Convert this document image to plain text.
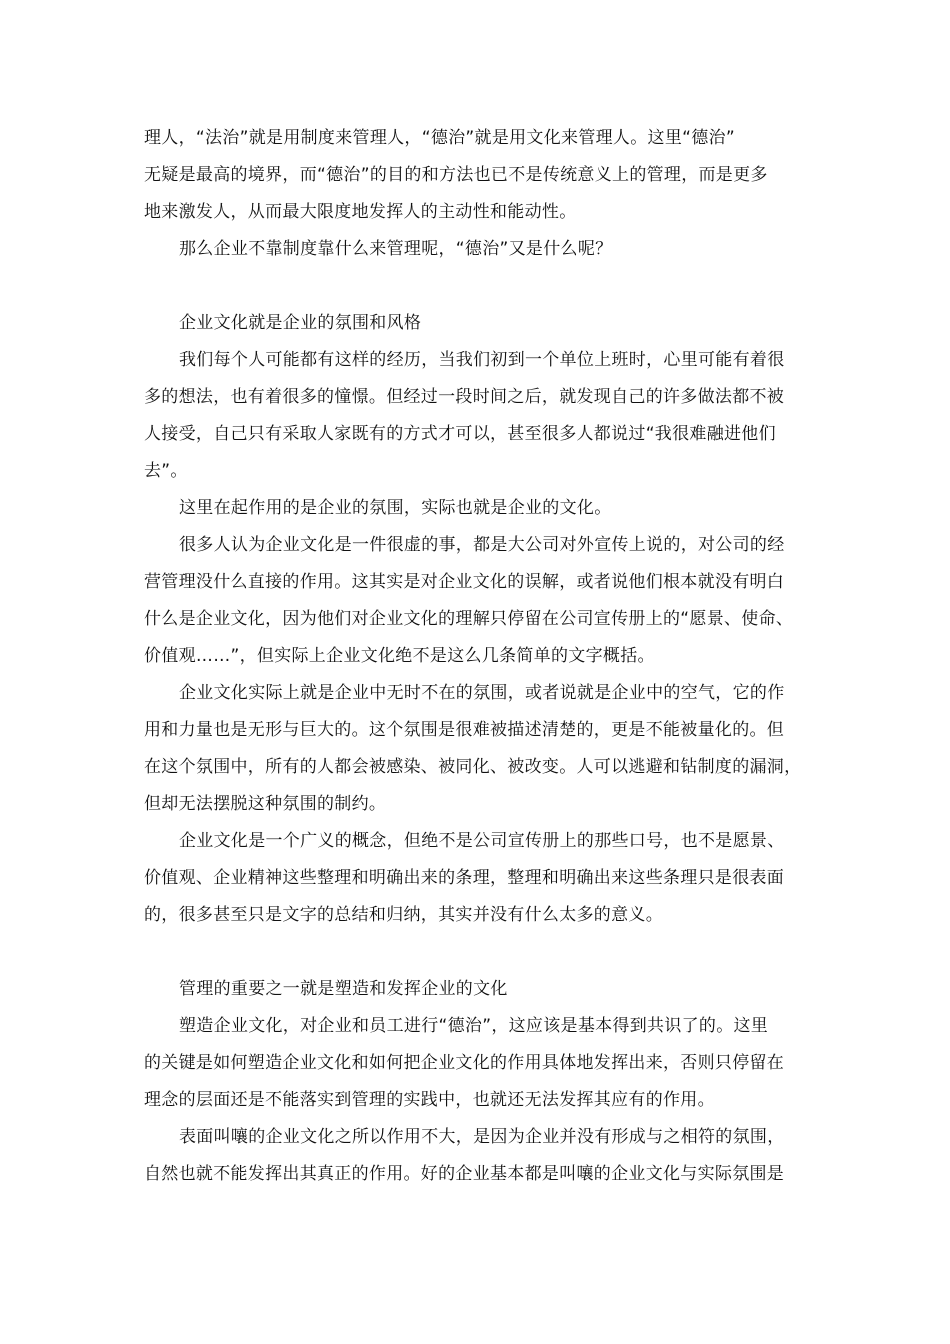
理人，“法治”就是用制度来管理人，“德治”就是用文化来管理人。这里“德治”
无疑是最高的境界，而“德治”的目的和方法也已不是传统意义上的管理，而是更多
地来激发人，从而最大限度地发挥人的主动性和能动性。
那么企业不靠制度靠什么来管理呢，“德治”又是什么呢？
企业文化就是企业的氛围和风格
我们每个人可能都有这样的经历，当我们初到一个单位上班时，心里可能有着很
多的想法，也有着很多的憧憬。但经过一段时间之后，就发现自己的许多做法都不被
人接受，自己只有采取人家既有的方式才可以，甚至很多人都说过“我很难融进他们
去”。
这里在起作用的是企业的氛围，实际也就是企业的文化。
很多人认为企业文化是一件很虚的事，都是大公司对外宣传上说的，对公司的经
营管理没什么直接的作用。这其实是对企业文化的误解，或者说他们根本就没有明白
什么是企业文化，因为他们对企业文化的理解只停留在公司宣传册上的“愿景、使命、
价值观……”，但实际上企业文化绝不是这么几条简单的文字概括。
企业文化实际上就是企业中无时不在的氛围，或者说就是企业中的空气，它的作
用和力量也是无形与巨大的。这个氛围是很难被描述清楚的，更是不能被量化的。但
在这个氛围中，所有的人都会被感染、被同化、被改变。人可以逃避和钻制度的漏洞，
但却无法摆脱这种氛围的制约。
企业文化是一个广义的概念，但绝不是公司宣传册上的那些口号，也不是愿景、
价值观、企业精神这些整理和明确出来的条理，整理和明确出来这些条理只是很表面
的，很多甚至只是文字的总结和归纳，其实并没有什么太多的意义。
管理的重要之一就是塑造和发挥企业的文化
塑造企业文化，对企业和员工进行“德治”，这应该是基本得到共识了的。这里
的关键是如何塑造企业文化和如何把企业文化的作用具体地发挥出来，否则只停留在
理念的层面还是不能落实到管理的实践中，也就还无法发挥其应有的作用。
表面叫嚷的企业文化之所以作用不大，是因为企业并没有形成与之相符的氛围，
自然也就不能发挥出其真正的作用。好的企业基本都是叫嚷的企业文化与实际氛围是
